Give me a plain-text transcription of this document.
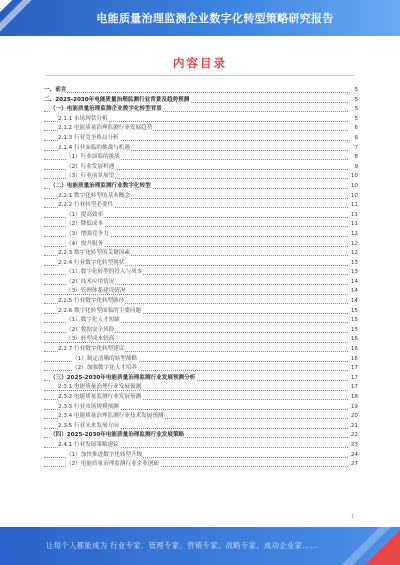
电能质量治理监测企业数字化转型策略研究报告
内容目录
一、前言	5
二、2025-2030年电能质量治理监测行业背景及趋势预测	5
（一）电能质量治理监测企业数字化转型背景	5
2.1.1 市场现状分析	5
2.1.2 电能质量治理监测行业发展趋势	6
2.1.3 行业竞争格局分析	6
2.1.4 行业面临的挑战与机遇	7
（1）行业面临的挑战	8
（2）行业发展机遇	9
（3）行业前景展望	10
（二）电能质量治理监测行业数字化转型	10
2.2.1 数字化转型的基本概念	10
2.2.2 行业转型必要性	11
（1）提高效率	11
（2）降低成本	11
（3）增强竞争力	12
（4）提升服务	12
2.2.3 数字化转型的关键因素	12
2.2.4 行业数字化转型现状	13
（1）数字化转型的投入与成本	13
（2）技术应用情况	14
（3）管理体系建设情况	14
2.2.5 行业数字化转型路径	14
2.2.6 数字化转型面临的主要问题	15
（1）数字化人才短缺	15
（2）数据安全风险	15
（3）转型成本较高	16
2.2.7 行业数字化转型建议	16
（1）制定清晰的转型战略	16
（2）加强数字化人才培养	17
（三）2025-2030年电能质量治理监测行业发展预测分析	17
2.3.1 电能质量治理行业发展预测	17
2.3.2 电能质量监测行业发展预测	18
2.3.3 行业市场规模预测	19
2.3.4 电能质量治理监测行业技术发展预测	20
2.3.5 行业未来发展方向	21
（四）2025-2030年电能质量治理监测行业发展策略	22
2.4.1 行业发展策略建议	23
（1）加快推进数字化转型升级	24
（2）电能质量治理监测行业企业创新	27
1
让每个人都能成为 行业专家、管理专家、营销专家、战略专家、成功企业家……
